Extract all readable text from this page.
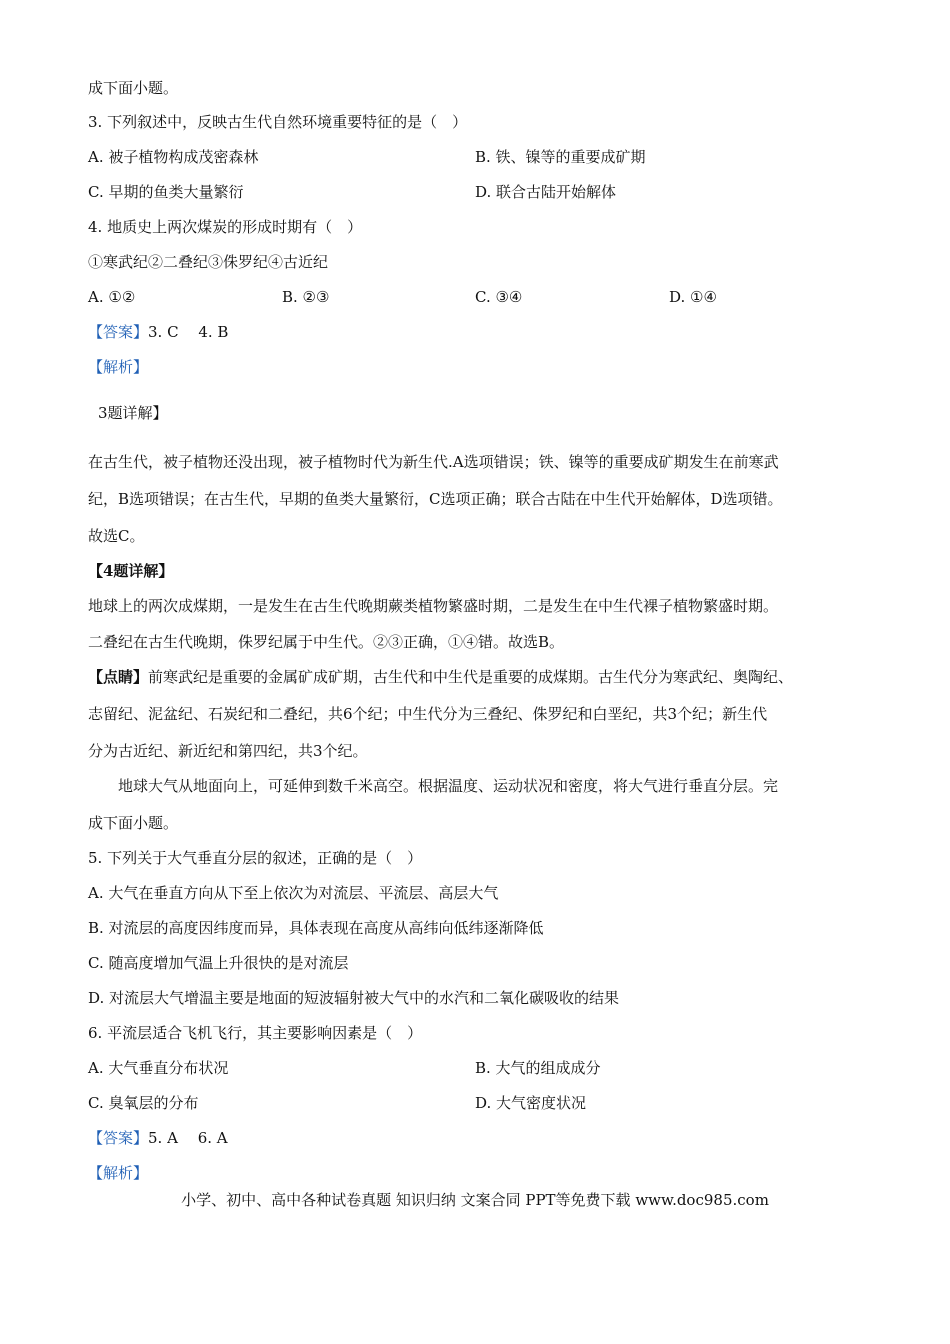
成下面小题。
3. 下列叙述中，反映古生代自然环境重要特征的是（　）
A. 被子植物构成茂密森林	B. 铁、镍等的重要成矿期
C. 早期的鱼类大量繁衍	D. 联合古陆开始解体
4. 地质史上两次煤炭的形成时期有（　）
①寒武纪②二叠纪③侏罗纪④古近纪
A. ①②	B. ②③	C. ③④	D. ①④
【答案】3. C　 4. B
【解析】
3题详解】
在古生代，被子植物还没出现，被子植物时代为新生代.A选项错误；铁、镍等的重要成矿期发生在前寒武
纪，B选项错误；在古生代，早期的鱼类大量繁衍，C选项正确；联合古陆在中生代开始解体，D选项错。
故选C。
【4题详解】
地球上的两次成煤期，一是发生在古生代晚期蕨类植物繁盛时期，二是发生在中生代裸子植物繁盛时期。
二叠纪在古生代晚期，侏罗纪属于中生代。②③正确，①④错。故选B。
【点睛】前寒武纪是重要的金属矿成矿期，古生代和中生代是重要的成煤期。古生代分为寒武纪、奥陶纪、
志留纪、泥盆纪、石炭纪和二叠纪，共6个纪；中生代分为三叠纪、侏罗纪和白垩纪，共3个纪；新生代
分为古近纪、新近纪和第四纪，共3个纪。
地球大气从地面向上，可延伸到数千米高空。根据温度、运动状况和密度，将大气进行垂直分层。完
成下面小题。
5. 下列关于大气垂直分层的叙述，正确的是（　）
A. 大气在垂直方向从下至上依次为对流层、平流层、高层大气
B. 对流层的高度因纬度而异，具体表现在高度从高纬向低纬逐渐降低
C. 随高度增加气温上升很快的是对流层
D. 对流层大气增温主要是地面的短波辐射被大气中的水汽和二氧化碳吸收的结果
6. 平流层适合飞机飞行，其主要影响因素是（　）
A. 大气垂直分布状况	B. 大气的组成成分
C. 臭氧层的分布	D. 大气密度状况
【答案】5. A　 6. A
【解析】
小学、初中、高中各种试卷真题 知识归纳 文案合同 PPT等免费下载 www.doc985.com
